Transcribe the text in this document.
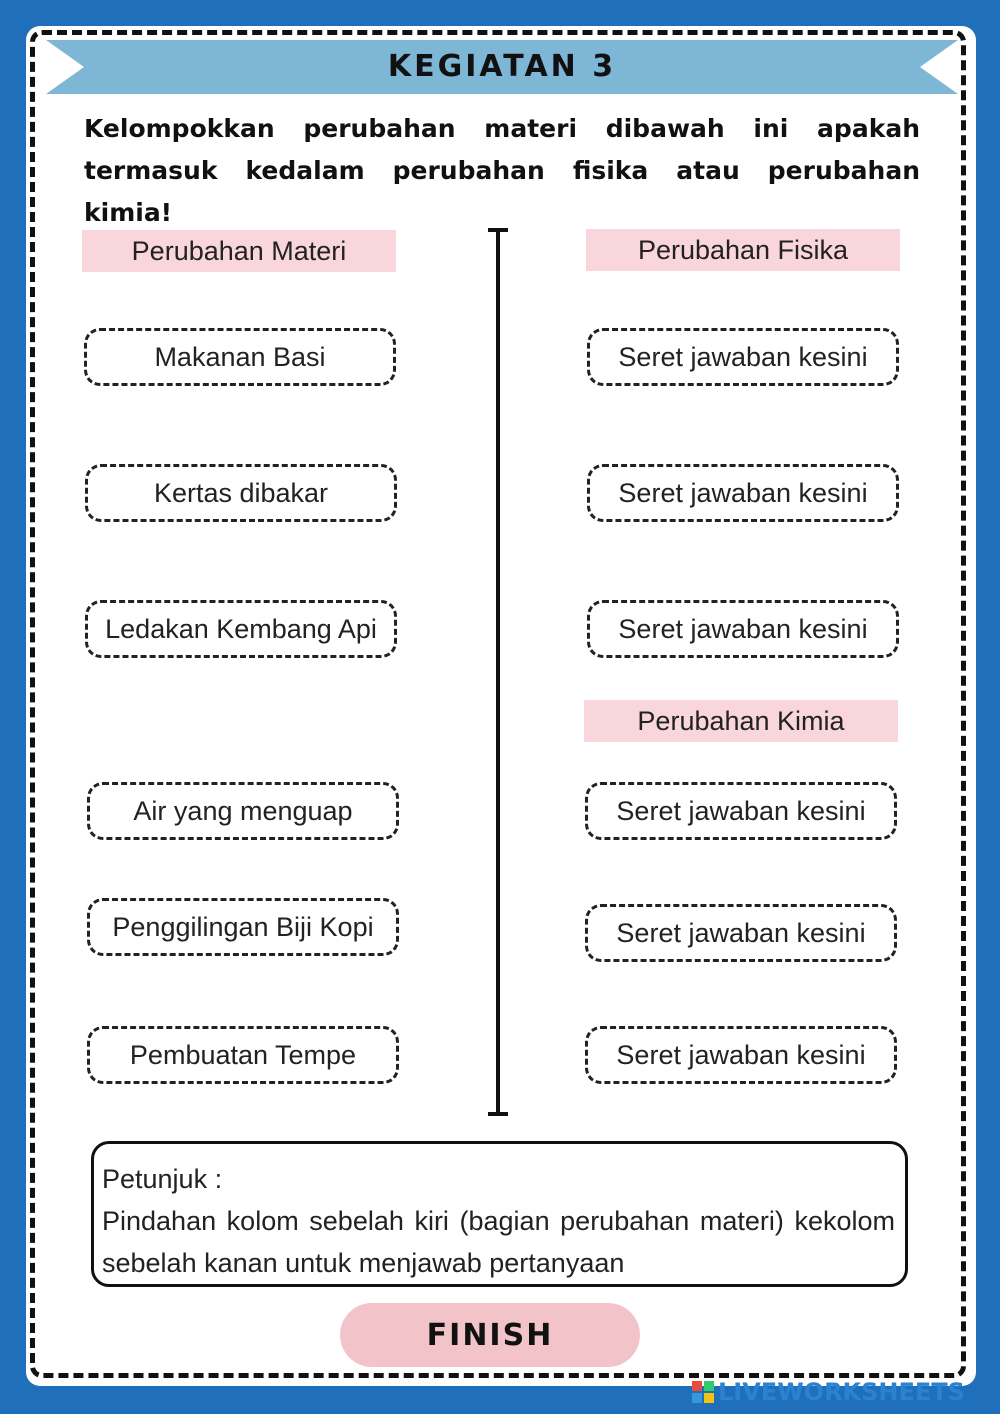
KEGIATAN 3
Kelompokkan perubahan materi dibawah ini apakah termasuk kedalam perubahan fisika atau perubahan kimia!
Perubahan Materi	Perubahan Fisika
Perubahan Kimia
Makanan Basi
Kertas dibakar
Ledakan Kembang Api
Air yang menguap
Penggilingan Biji Kopi
Pembuatan Tempe
Seret jawaban kesini
Seret jawaban kesini
Seret jawaban kesini
Seret jawaban kesini
Seret jawaban kesini
Seret jawaban kesini
Petunjuk :
Pindahan kolom sebelah kiri (bagian perubahan materi) kekolom sebelah kanan untuk menjawab pertanyaan
FINISH
LIVEWORKSHEETS
